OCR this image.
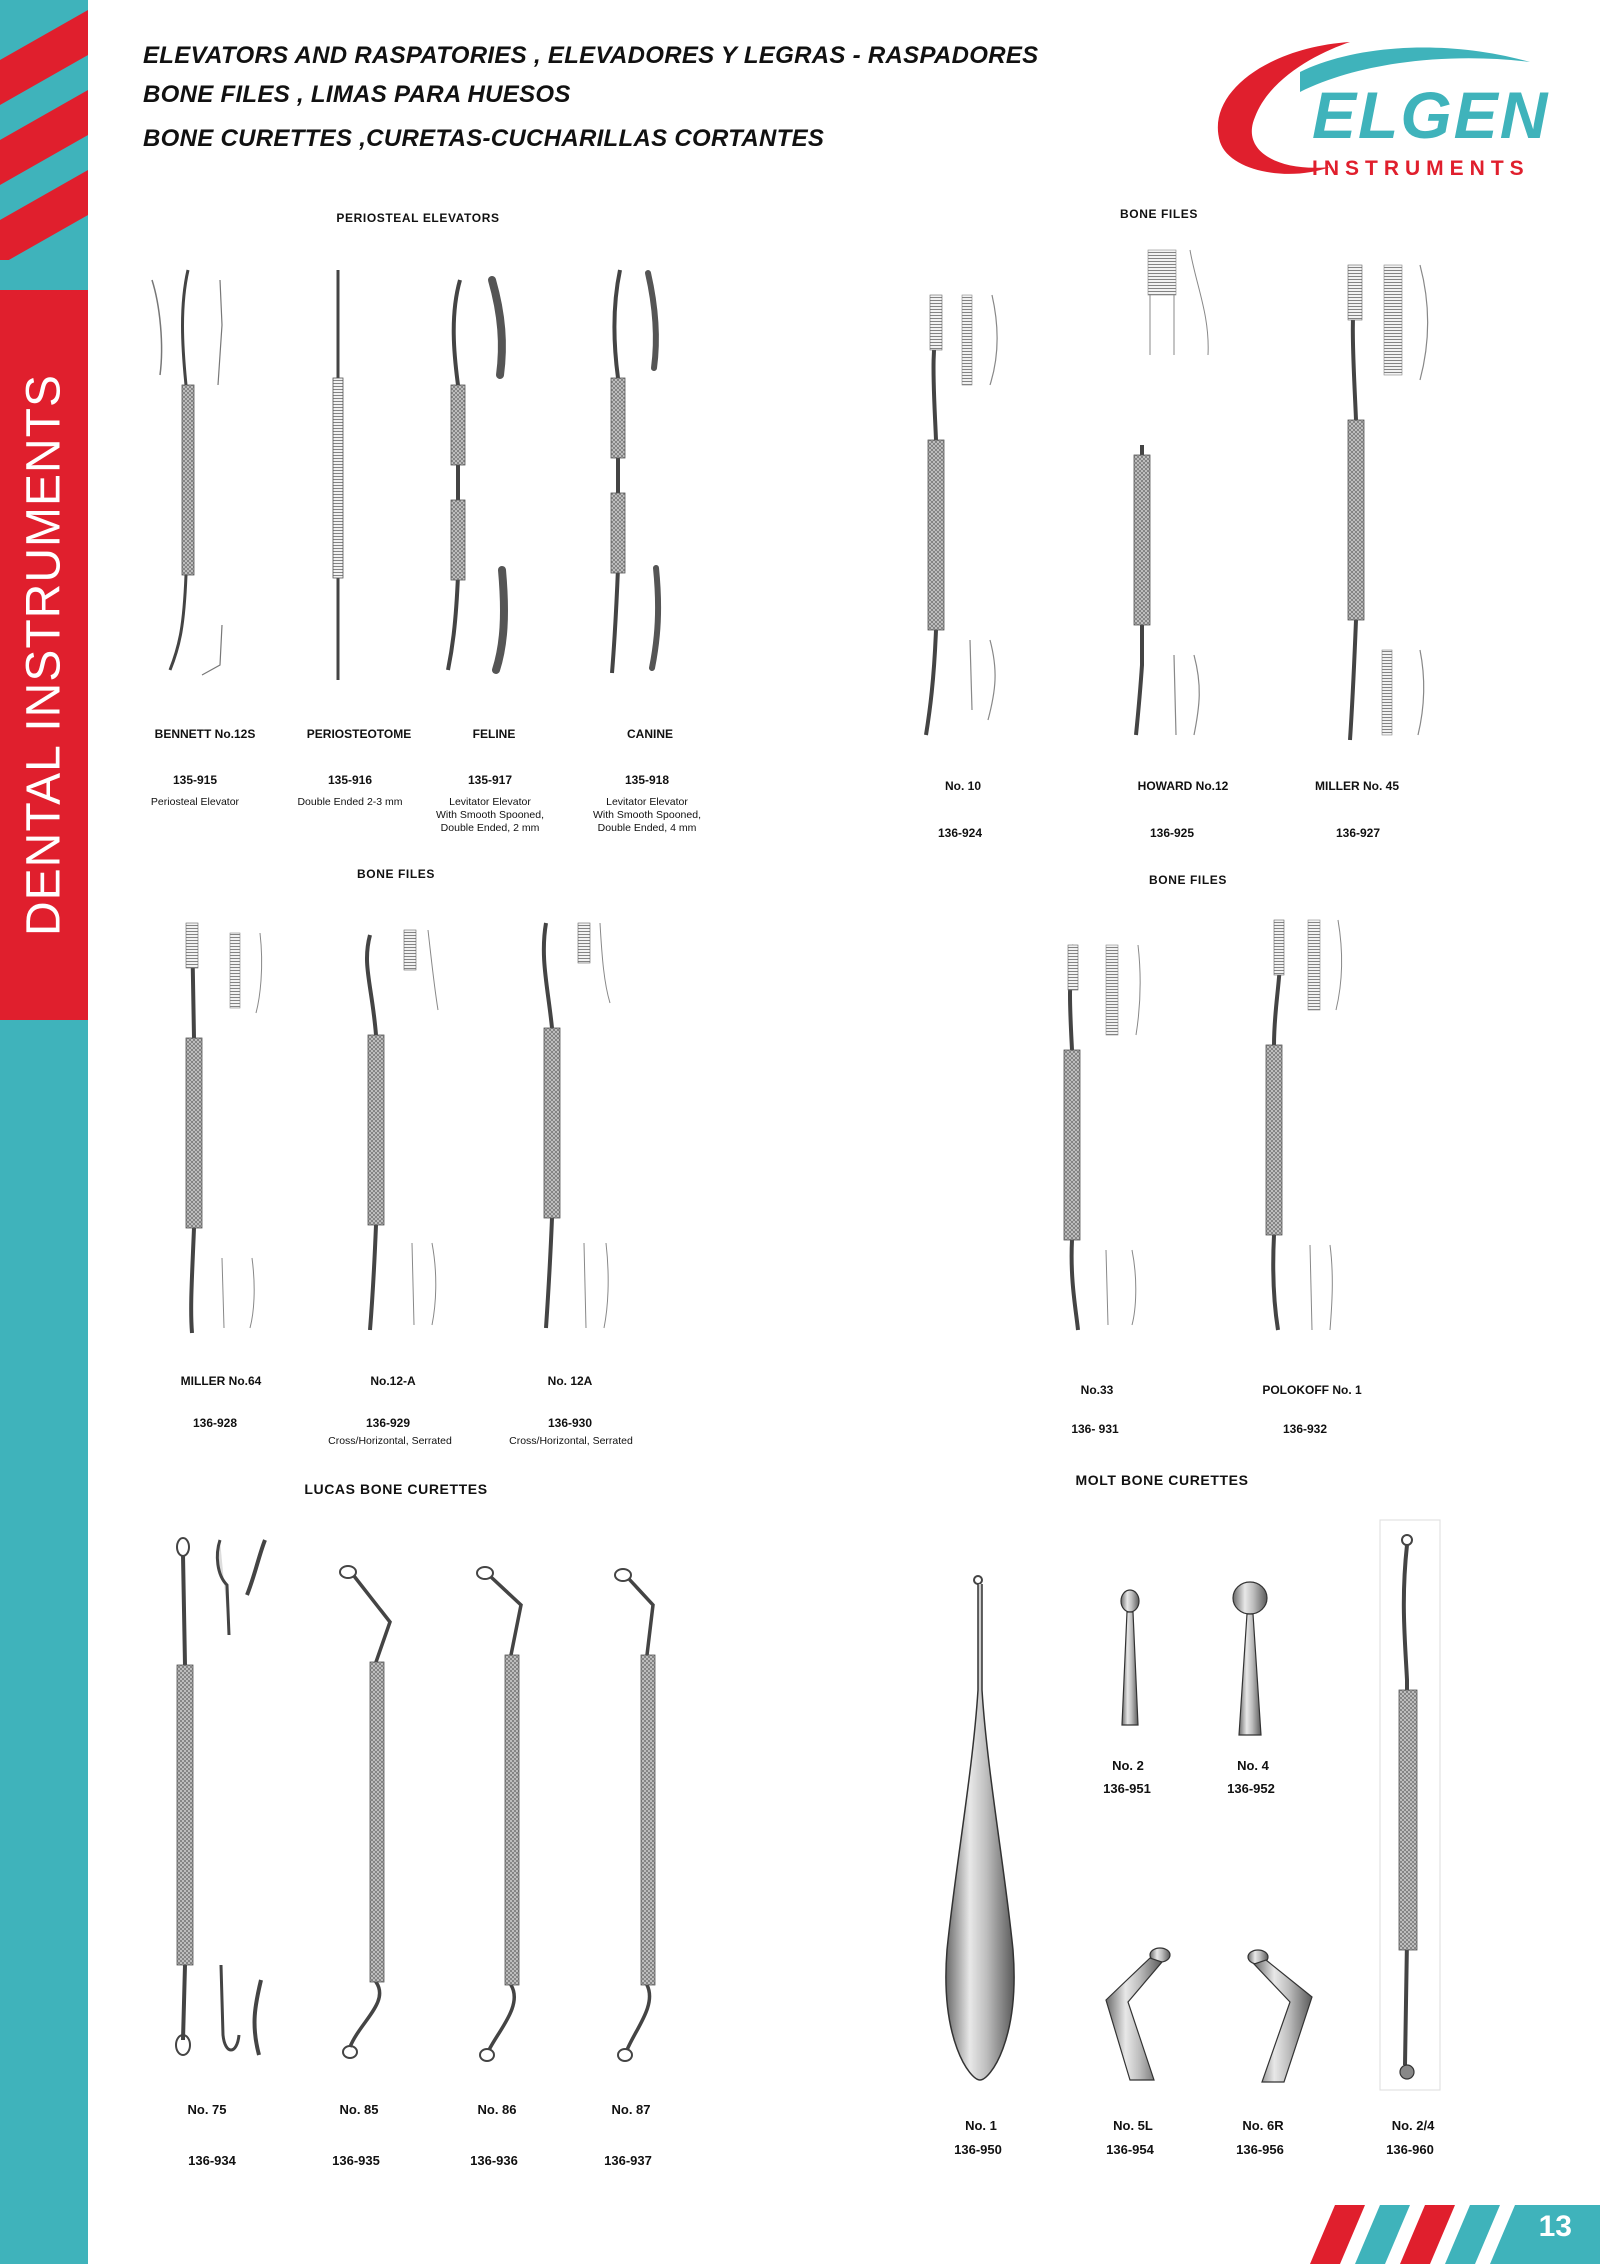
DENTAL INSTRUMENTS
ELEVATORS AND RASPATORIES , ELEVADORES Y LEGRAS - RASPADORES
BONE FILES , LIMAS PARA HUESOS
BONE CURETTES ,CURETAS-CUCHARILLAS CORTANTES	ELGEN
INSTRUMENTS
PERIOSTEAL ELEVATORS	BONE FILES
BONE FILES	BONE FILES
LUCAS BONE CURETTES
MOLT BONE CURETTES
BENNETT No.12S
135-915
Periosteal Elevator
PERIOSTEOTOME
135-916
Double Ended 2-3 mm
FELINE
135-917
Levitator Elevator
With Smooth Spooned,
Double Ended, 2 mm
CANINE
135-918
Levitator Elevator
With Smooth Spooned,
Double Ended, 4 mm
No. 10
136-924
HOWARD No.12
136-925
MILLER No. 45
136-927
MILLER No.64
136-928
No.12-A
136-929
Cross/Horizontal, Serrated
No. 12A
136-930
Cross/Horizontal, Serrated
No.33
136- 931
POLOKOFF No. 1
136-932
No. 75
136-934
No. 85
136-935
No. 86
136-936
No. 87
136-937
No. 2
136-951
No. 4
136-952
No. 1
136-950
No. 5L
136-954
No. 6R
136-956
No. 2/4
136-960
13
